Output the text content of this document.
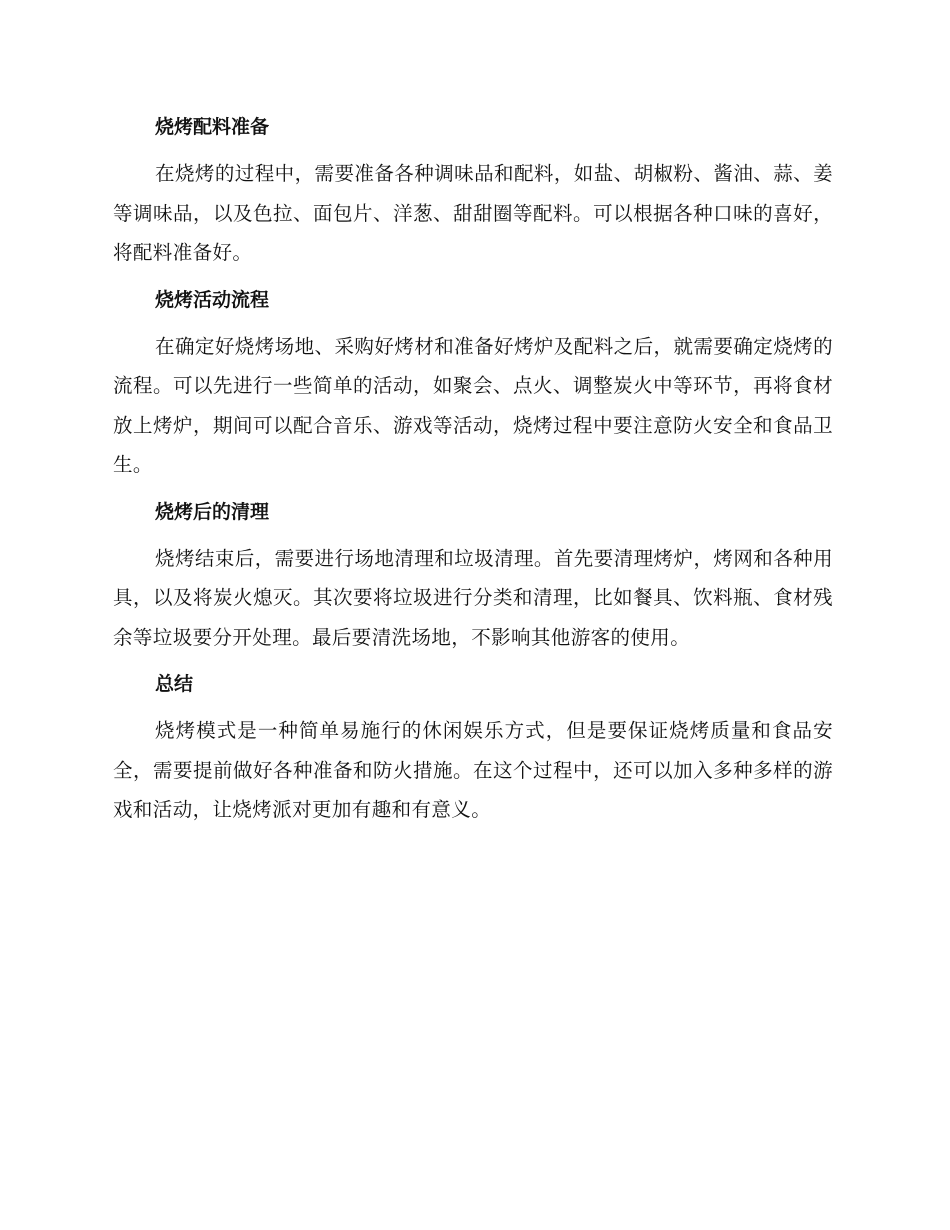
烧烤配料准备

在烧烤的过程中，需要准备各种调味品和配料，如盐、胡椒粉、酱油、蒜、姜等调味品，以及色拉、面包片、洋葱、甜甜圈等配料。可以根据各种口味的喜好，将配料准备好。

烧烤活动流程

在确定好烧烤场地、采购好烤材和准备好烤炉及配料之后，就需要确定烧烤的流程。可以先进行一些简单的活动，如聚会、点火、调整炭火中等环节，再将食材放上烤炉，期间可以配合音乐、游戏等活动，烧烤过程中要注意防火安全和食品卫生。

烧烤后的清理

烧烤结束后，需要进行场地清理和垃圾清理。首先要清理烤炉，烤网和各种用具，以及将炭火熄灭。其次要将垃圾进行分类和清理，比如餐具、饮料瓶、食材残余等垃圾要分开处理。最后要清洗场地，不影响其他游客的使用。

总结

烧烤模式是一种简单易施行的休闲娱乐方式，但是要保证烧烤质量和食品安全，需要提前做好各种准备和防火措施。在这个过程中，还可以加入多种多样的游戏和活动，让烧烤派对更加有趣和有意义。
